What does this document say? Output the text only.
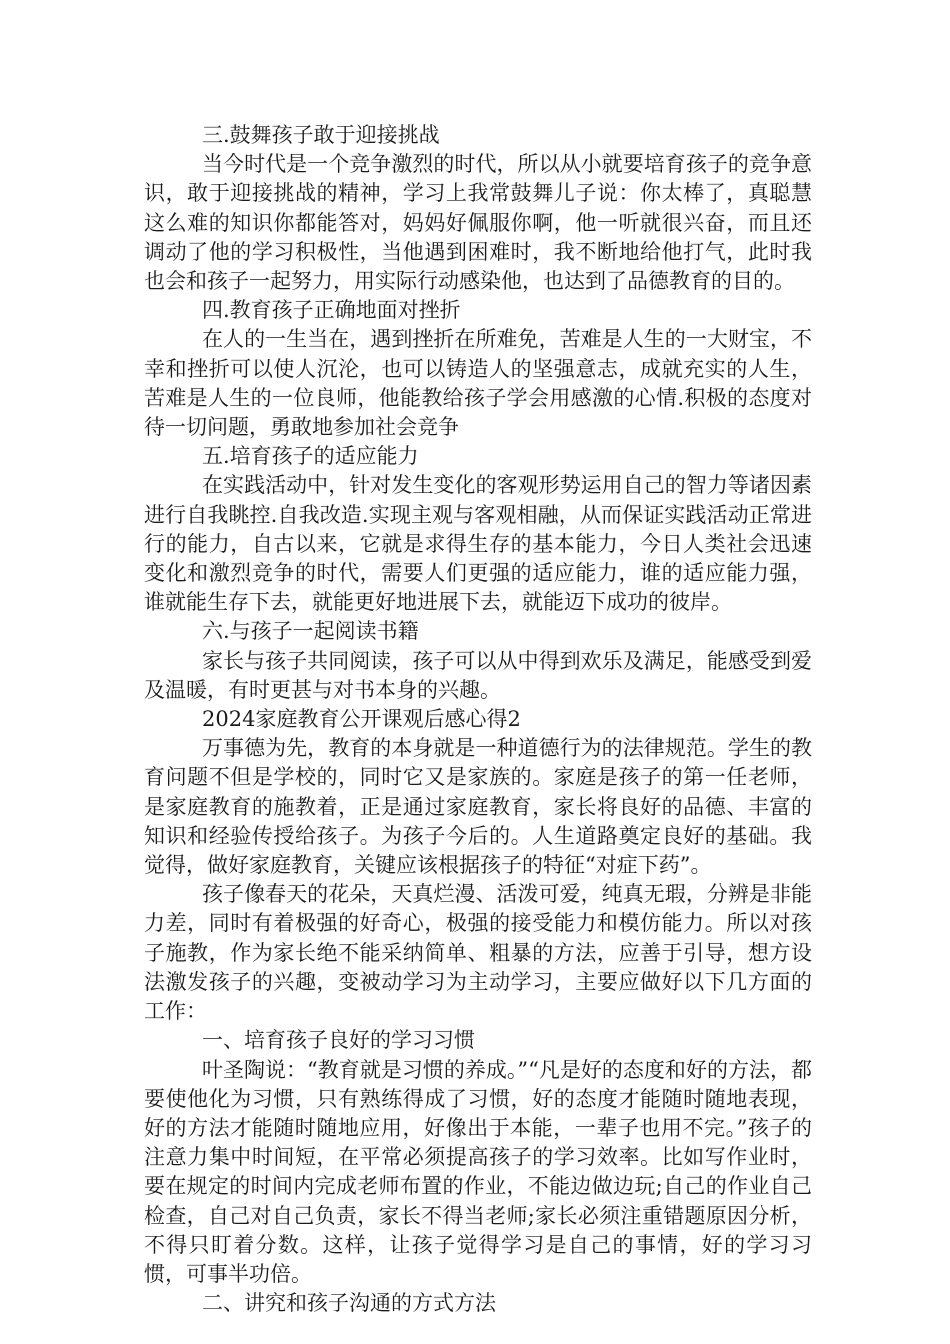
三.鼓舞孩子敢于迎接挑战

当今时代是一个竞争激烈的时代，所以从小就要培育孩子的竞争意识，敢于迎接挑战的精神，学习上我常鼓舞儿子说：你太棒了，真聪慧这么难的知识你都能答对，妈妈好佩服你啊，他一听就很兴奋，而且还调动了他的学习积极性，当他遇到困难时，我不断地给他打气，此时我也会和孩子一起努力，用实际行动感染他，也达到了品德教育的目的。

四.教育孩子正确地面对挫折

在人的一生当在，遇到挫折在所难免，苦难是人生的一大财宝，不幸和挫折可以使人沉沦，也可以铸造人的坚强意志，成就充实的人生，苦难是人生的一位良师，他能教给孩子学会用感激的心情.积极的态度对待一切问题，勇敢地参加社会竞争

五.培育孩子的适应能力

在实践活动中，针对发生变化的客观形势运用自己的智力等诸因素进行自我眺控.自我改造.实现主观与客观相融，从而保证实践活动正常进行的能力，自古以来，它就是求得生存的基本能力，今日人类社会迅速变化和激烈竞争的时代，需要人们更强的适应能力，谁的适应能力强，谁就能生存下去，就能更好地进展下去，就能迈下成功的彼岸。

六.与孩子一起阅读书籍

家长与孩子共同阅读，孩子可以从中得到欢乐及满足，能感受到爱及温暖，有时更甚与对书本身的兴趣。

2024家庭教育公开课观后感心得2

万事德为先，教育的本身就是一种道德行为的法律规范。学生的教育问题不但是学校的，同时它又是家族的。家庭是孩子的第一任老师，是家庭教育的施教着，正是通过家庭教育，家长将良好的品德、丰富的知识和经验传授给孩子。为孩子今后的。人生道路奠定良好的基础。我觉得，做好家庭教育，关键应该根据孩子的特征“对症下药”。

孩子像春天的花朵，天真烂漫、活泼可爱，纯真无瑕，分辨是非能力差，同时有着极强的好奇心，极强的接受能力和模仿能力。所以对孩子施教，作为家长绝不能采纳简单、粗暴的方法，应善于引导，想方设法激发孩子的兴趣，变被动学习为主动学习，主要应做好以下几方面的工作：

一、培育孩子良好的学习习惯

叶圣陶说：“教育就是习惯的养成。”“凡是好的态度和好的方法，都要使他化为习惯，只有熟练得成了习惯，好的态度才能随时随地表现，好的方法才能随时随地应用，好像出于本能，一辈子也用不完。”孩子的注意力集中时间短，在平常必须提高孩子的学习效率。比如写作业时，要在规定的时间内完成老师布置的作业，不能边做边玩;自己的作业自己检查，自己对自己负责，家长不得当老师;家长必须注重错题原因分析，不得只盯着分数。这样，让孩子觉得学习是自己的事情，好的学习习惯，可事半功倍。

二、讲究和孩子沟通的方式方法
